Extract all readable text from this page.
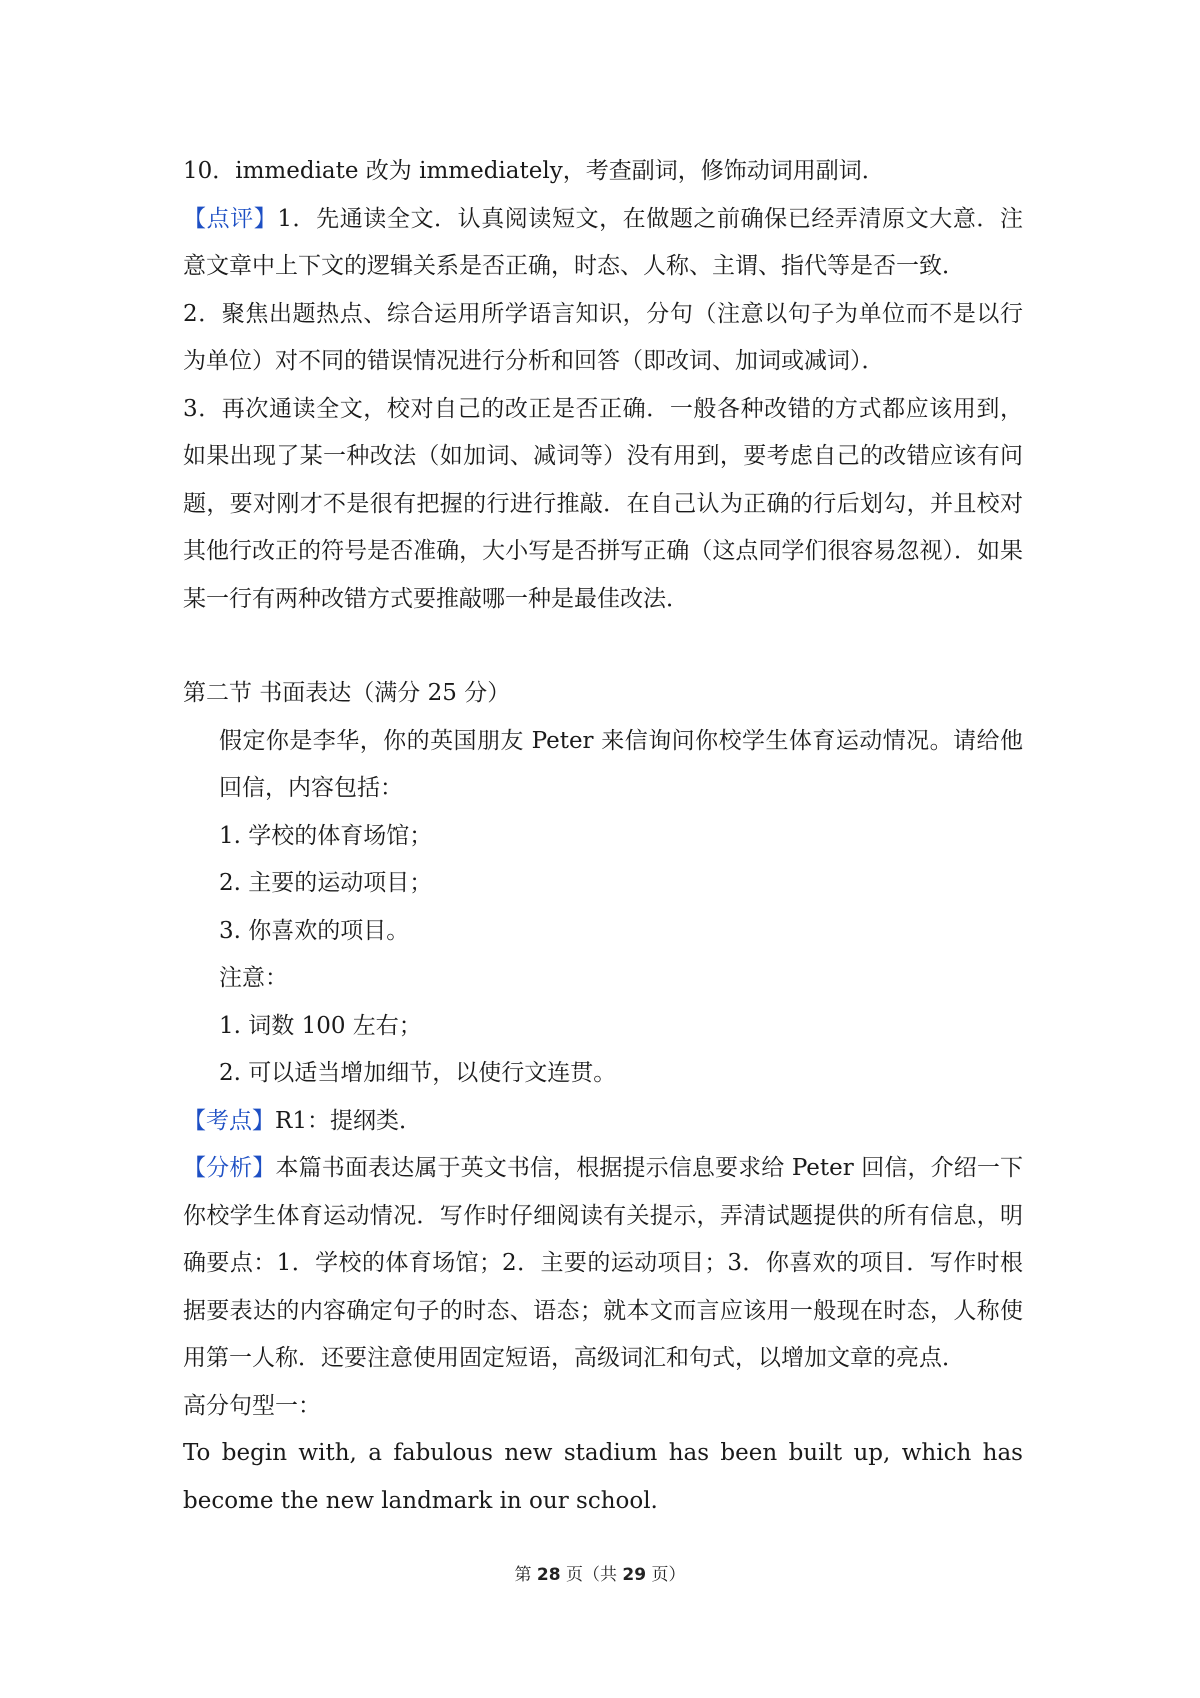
10．immediate 改为 immediately，考查副词，修饰动词用副词．

【点评】1．先通读全文．认真阅读短文，在做题之前确保已经弄清原文大意．注意文章中上下文的逻辑关系是否正确，时态、人称、主谓、指代等是否一致．

2．聚焦出题热点、综合运用所学语言知识，分句（注意以句子为单位而不是以行为单位）对不同的错误情况进行分析和回答（即改词、加词或减词）．

3．再次通读全文，校对自己的改正是否正确．一般各种改错的方式都应该用到，如果出现了某一种改法（如加词、减词等）没有用到，要考虑自己的改错应该有问题，要对刚才不是很有把握的行进行推敲．在自己认为正确的行后划勾，并且校对其他行改正的符号是否准确，大小写是否拼写正确（这点同学们很容易忽视）．如果某一行有两种改错方式要推敲哪一种是最佳改法．

第二节 书面表达（满分 25 分）

假定你是李华，你的英国朋友 Peter 来信询问你校学生体育运动情况。请给他回信，内容包括：

1. 学校的体育场馆；

2. 主要的运动项目；

3. 你喜欢的项目。

注意：

1. 词数 100 左右；

2. 可以适当增加细节，以使行文连贯。

【考点】R1：提纲类．

【分析】本篇书面表达属于英文书信，根据提示信息要求给 Peter 回信，介绍一下你校学生体育运动情况．写作时仔细阅读有关提示，弄清试题提供的所有信息，明确要点：1．学校的体育场馆；2．主要的运动项目；3．你喜欢的项目．写作时根据要表达的内容确定句子的时态、语态；就本文而言应该用一般现在时态，人称使用第一人称．还要注意使用固定短语，高级词汇和句式，以增加文章的亮点．

高分句型一：

To begin with, a fabulous new stadium has been built up, which has become the new landmark in our school.

第 28 页（共 29 页）
